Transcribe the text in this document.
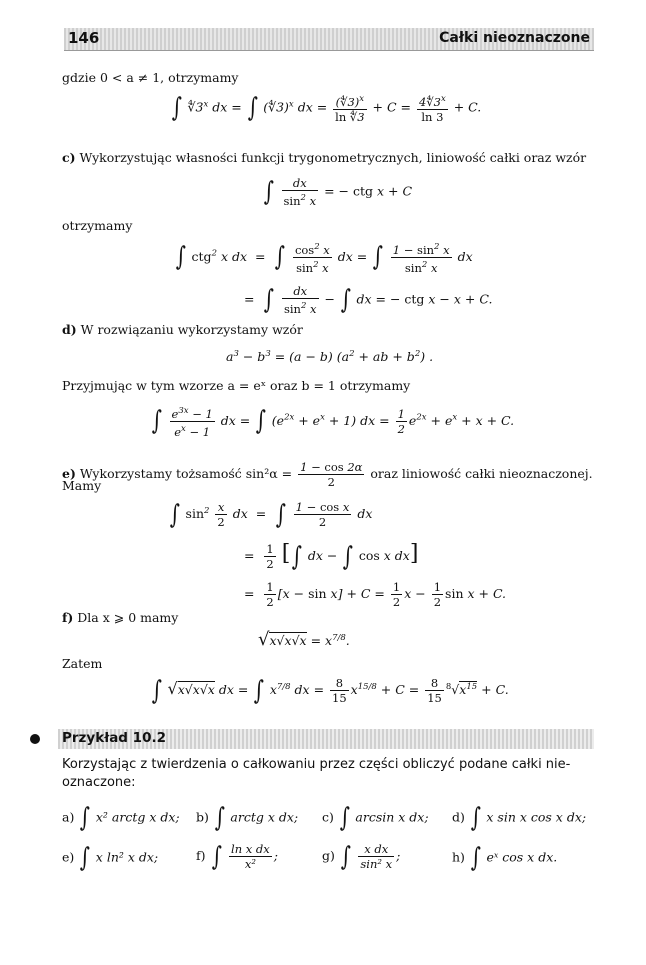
146	Całki nieoznaczone
gdzie 0 < a ≠ 1, otrzymamy
∫ ∜3$^x$ dx = ∫ (∜3)$^x$ dx = $\frac{(∜3)^x}{\ln ∜3} + C = \frac{4∜3^x}{\ln 3} + C$.
c) Wykorzystując własności funkcji trygonometrycznych, liniowość całki oraz wzór
∫ $\frac{dx}{\sin^2 x}$ = − ctg x + C
otrzymamy
∫ ctg$^2$ x dx  =  ∫ $\frac{\cos^2 x}{\sin^2 x}$ dx = ∫ $\frac{1 - \sin^2 x}{\sin^2 x}$ dx
=  ∫ $\frac{dx}{\sin^2 x}$ − ∫ dx = − ctg x − x + C.
d) W rozwiązaniu wykorzystamy wzór
$a^3 - b^3 = (a - b) (a^2$ + ab + $b^2$) .
Przyjmując w tym wzorze a = eˣ oraz b = 1 otrzymamy
∫ $\frac{e^{3x} - 1}{e^x - 1}$ dx = ∫ $(e^{2x} + e^x + 1)$ dx = $\frac{1}{2} e^{2x} + e^x + x + C$.
e) Wykorzystamy tożsamość $\sin^2\alpha = \frac{1 - \cos 2\alpha}{2}$ oraz liniowość całki nieoznaczonej.
Mamy
∫ $\sin^2 \frac{x}{2}$ dx  =  ∫ $\frac{\text{1 − cos x}}{2}$ dx
= $\frac{1}{2}$ [∫ dx − ∫ cos x dx]
= $\frac{1}{2} [x - \sin x] + C = \frac{1}{2}$ $x - \frac{1}{2}$ sin x + C.
f) Dla x ⩾ 0 mamy
$√x√x√x = x^{7/8}$.
Zatem
∫ √x√x√x dx = ∫ $x^{7/8}$ dx = $\frac{8}{15} x^{15/8} + C = \frac{8}{15} ^8√x^{15} + C$.
Przykład 10.2
Korzystając z twierdzenia o całkowaniu przez części obliczyć podane całki nie-
oznaczone:
a) ∫ x² arctg x dx; b) ∫ arctg x dx; c) ∫ arcsin x dx; d) ∫ x sin x cos x dx;
e) ∫ x ln² x dx;	f) ∫ $\frac{\text{ln x dx}}{\text{x²}}$ ;	g) ∫ $\frac{\text{x dx}}{\text{sin² x}}$ ;	h) ∫ eˣ cos x dx.
